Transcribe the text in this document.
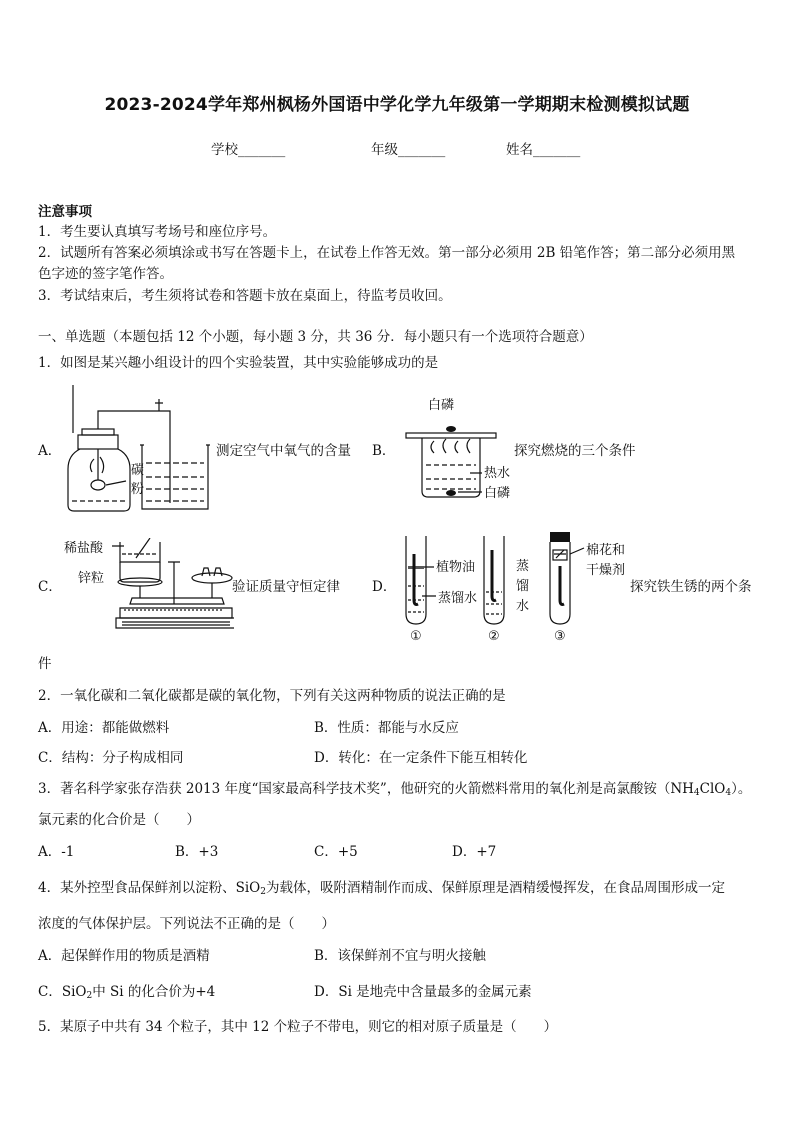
2023-2024学年郑州枫杨外国语中学化学九年级第一学期期末检测模拟试题
学校_______	年级_______	姓名_______
注意事项
1．考生要认真填写考场号和座位序号。
2．试题所有答案必须填涂或书写在答题卡上，在试卷上作答无效。第一部分必须用 2B 铅笔作答；第二部分必须用黑
色字迹的签字笔作答。
3．考试结束后，考生须将试卷和答题卡放在桌面上，待监考员收回。
一、单选题（本题包括 12 个小题，每小题 3 分，共 36 分．每小题只有一个选项符合题意）
1．如图是某兴趣小组设计的四个实验装置，其中实验能够成功的是
A．
碳
粉
测定空气中氧气的含量 B．
白磷
热水
白磷
探究燃烧的三个条件
C．
稀盐酸
锌粒
验证质量守恒定律 D．
植物油
蒸馏水
蒸
馏
水
棉花和
干燥剂
①	②	③
探究铁生锈的两个条
件
2．一氧化碳和二氧化碳都是碳的氧化物，下列有关这两种物质的说法正确的是
A．用途：都能做燃料	B．性质：都能与水反应
C．结构：分子构成相同	D．转化：在一定条件下能互相转化
3．著名科学家张存浩获 2013 年度“国家最高科学技术奖”，他研究的火箭燃料常用的氧化剂是高氯酸铵$(NH_4ClO_4)$。
氯元素的化合价是（　　）
A．-1	B．+3	C．+5	D．+7
4．某外控型食品保鲜剂以淀粉、SiO$_2$为载体，吸附酒精制作而成、保鲜原理是酒精缓慢挥发，在食品周围形成一定
浓度的气体保护层。下列说法不正确的是（　　）
A．起保鲜作用的物质是酒精	B．该保鲜剂不宜与明火接触
C．SiO$_2$中 Si 的化合价为+4	D．Si 是地壳中含量最多的金属元素
5．某原子中共有 34 个粒子，其中 12 个粒子不带电，则它的相对原子质量是（　　）
